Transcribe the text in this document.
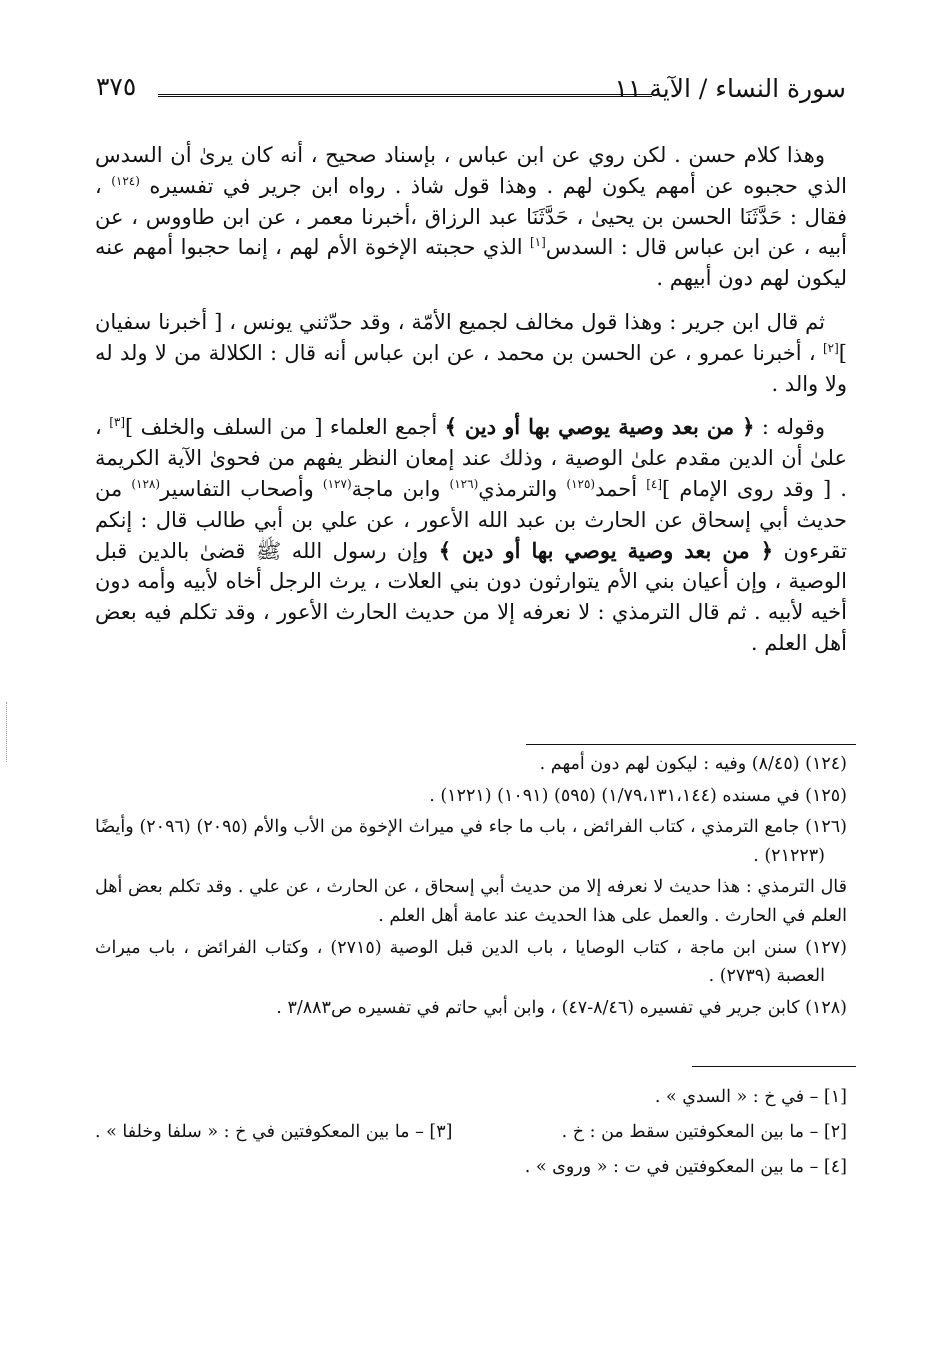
سورة النساء / الآية ١١
٣٧٥

وهذا كلام حسن . لكن روي عن ابن عباس ، بإسناد صحيح ، أنه كان يرىٰ أن السدس الذي حجبوه عن أمهم يكون لهم . وهذا قول شاذ . رواه ابن جرير في تفسيره $^{(١٢٤)}$ ، فقال : حَدَّثَنَا الحسن بن يحيىٰ ، حَدَّثَنَا عبد الرزاق ،أخبرنا معمر ، عن ابن طاووس ، عن أبيه ، عن ابن عباس قال : السدس[١] الذي حجبته الإخوة الأم لهم ، إنما حجبوا أمهم عنه ليكون لهم دون أبيهم .

ثم قال ابن جرير : وهذا قول مخالف لجميع الأمّة ، وقد حدّثني يونس ، [ أخبرنا سفيان ][٢] ، أخبرنا عمرو ، عن الحسن بن محمد ، عن ابن عباس أنه قال : الكلالة من لا ولد له ولا والد .

وقوله : ﴿ من بعد وصية يوصي بها أو دين ﴾ أجمع العلماء [ من السلف والخلف ][٣] ، علىٰ أن الدين مقدم علىٰ الوصية ، وذلك عند إمعان النظر يفهم من فحوىٰ الآية الكريمة . [ وقد روى الإمام ][٤] أحمد$^{(١٢٥)}$ والترمذي$^{(١٢٦)}$ وابن ماجة$^{(١٢٧)}$ وأصحاب التفاسير$^{(١٢٨)}$ من حديث أبي إسحاق عن الحارث بن عبد الله الأعور ، عن علي بن أبي طالب قال : إنكم تقرءون ﴿ من بعد وصية يوصي بها أو دين ﴾ وإن رسول الله ﷺ قضىٰ بالدين قبل الوصية ، وإن أعيان بني الأم يتوارثون دون بني العلات ، يرث الرجل أخاه لأبيه وأمه دون أخيه لأبيه . ثم قال الترمذي : لا نعرفه إلا من حديث الحارث الأعور ، وقد تكلم فيه بعض أهل العلم .

(١٢٤) (٨/٤٥) وفيه : ليكون لهم دون أمهم .

(١٢٥) في مسنده (١/٧٩،١٣١،١٤٤) (٥٩٥) (١٠٩١) (١٢٢١) .

(١٢٦) جامع الترمذي ، كتاب الفرائض ، باب ما جاء في ميراث الإخوة من الأب والأم (٢٠٩٥) (٢٠٩٦) وأيضًا (٢١٢٢٣) .

قال الترمذي : هذا حديث لا نعرفه إلا من حديث أبي إسحاق ، عن الحارث ، عن علي . وقد تكلم بعض أهل العلم في الحارث . والعمل على هذا الحديث عند عامة أهل العلم .

(١٢٧) سنن ابن ماجة ، كتاب الوصايا ، باب الدين قبل الوصية (٢٧١٥) ، وكتاب الفرائض ، باب ميراث العصبة (٢٧٣٩) .

(١٢٨) كابن جرير في تفسيره (٨/٤٦-٤٧) ، وابن أبي حاتم في تفسيره ص٣/٨٨٣ .

[١] – في خ : « السدي » .
[٢] – ما بين المعكوفتين سقط من : خ .
[٣] – ما بين المعكوفتين في خ : « سلفا وخلفا » .
[٤] – ما بين المعكوفتين في ت : « وروى » .
